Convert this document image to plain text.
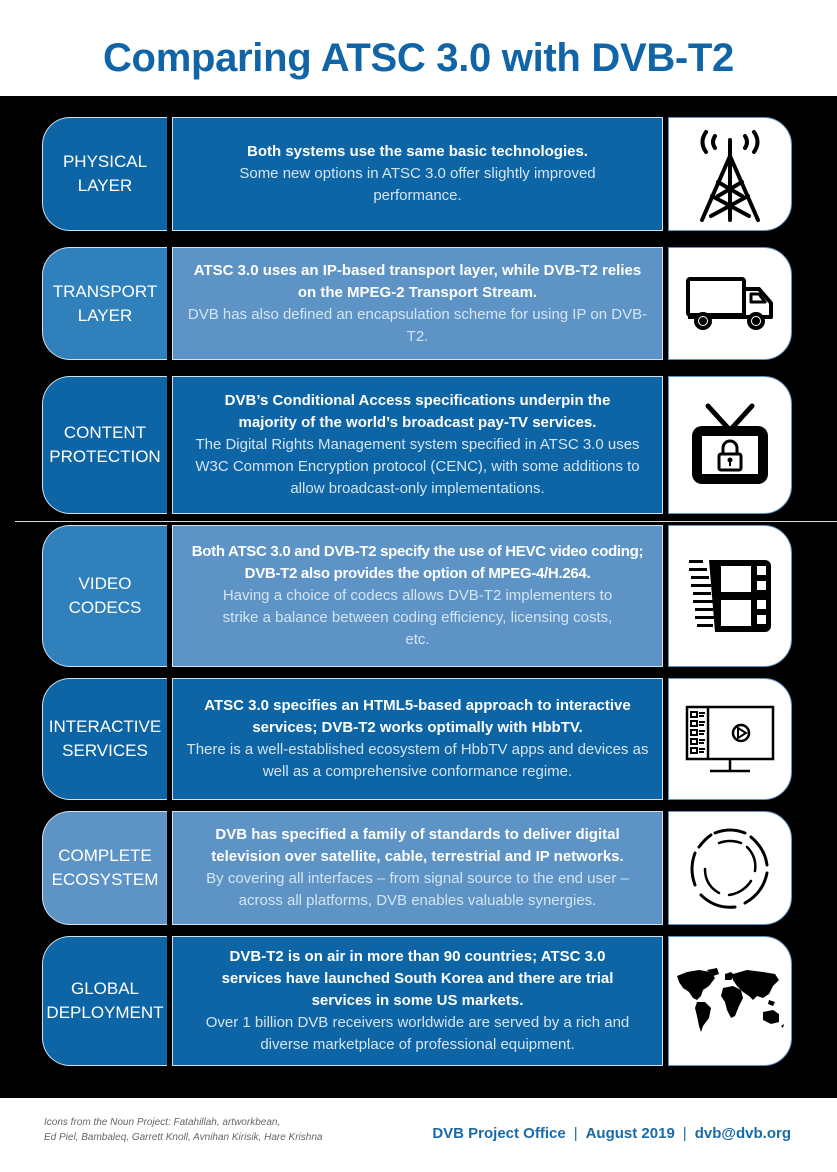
Comparing ATSC 3.0 with DVB-T2
PHYSICAL LAYER
Both systems use the same basic technologies.
Some new options in ATSC 3.0 offer slightly improved performance.
TRANSPORT LAYER
ATSC 3.0 uses an IP-based transport layer, while DVB-T2 relies on the MPEG-2 Transport Stream.
DVB has also defined an encapsulation scheme for using IP on DVB-T2.
CONTENT PROTECTION
DVB’s Conditional Access specifications underpin the majority of the world’s broadcast pay-TV services.
The Digital Rights Management system specified in ATSC 3.0 uses W3C Common Encryption protocol (CENC), with some additions to allow broadcast-only implementations.
VIDEO CODECS
Both ATSC 3.0 and DVB-T2 specify the use of HEVC video coding; DVB-T2 also provides the option of MPEG-4/H.264.
Having a choice of codecs allows DVB-T2 implementers to strike a balance between coding efficiency, licensing costs, etc.
INTERACTIVE SERVICES
ATSC 3.0 specifies an HTML5-based approach to interactive services; DVB-T2 works optimally with HbbTV.
There is a well-established ecosystem of HbbTV apps and devices as well as a comprehensive conformance regime.
COMPLETE ECOSYSTEM
DVB has specified a family of standards to deliver digital television over satellite, cable, terrestrial and IP networks.
By covering all interfaces – from signal source to the end user – across all platforms, DVB enables valuable synergies.
GLOBAL DEPLOYMENT
DVB-T2 is on air in more than 90 countries; ATSC 3.0 services have launched South Korea and there are trial services in some US markets.
Over 1 billion DVB receivers worldwide are served by a rich and diverse marketplace of professional equipment.
Icons from the Noun Project: Fatahillah, artworkbean,
Ed Piel, Bambaleq, Garrett Knoll, Avnihan Kirisik, Hare Krishna	DVB Project Office | August 2019 | dvb@dvb.org
